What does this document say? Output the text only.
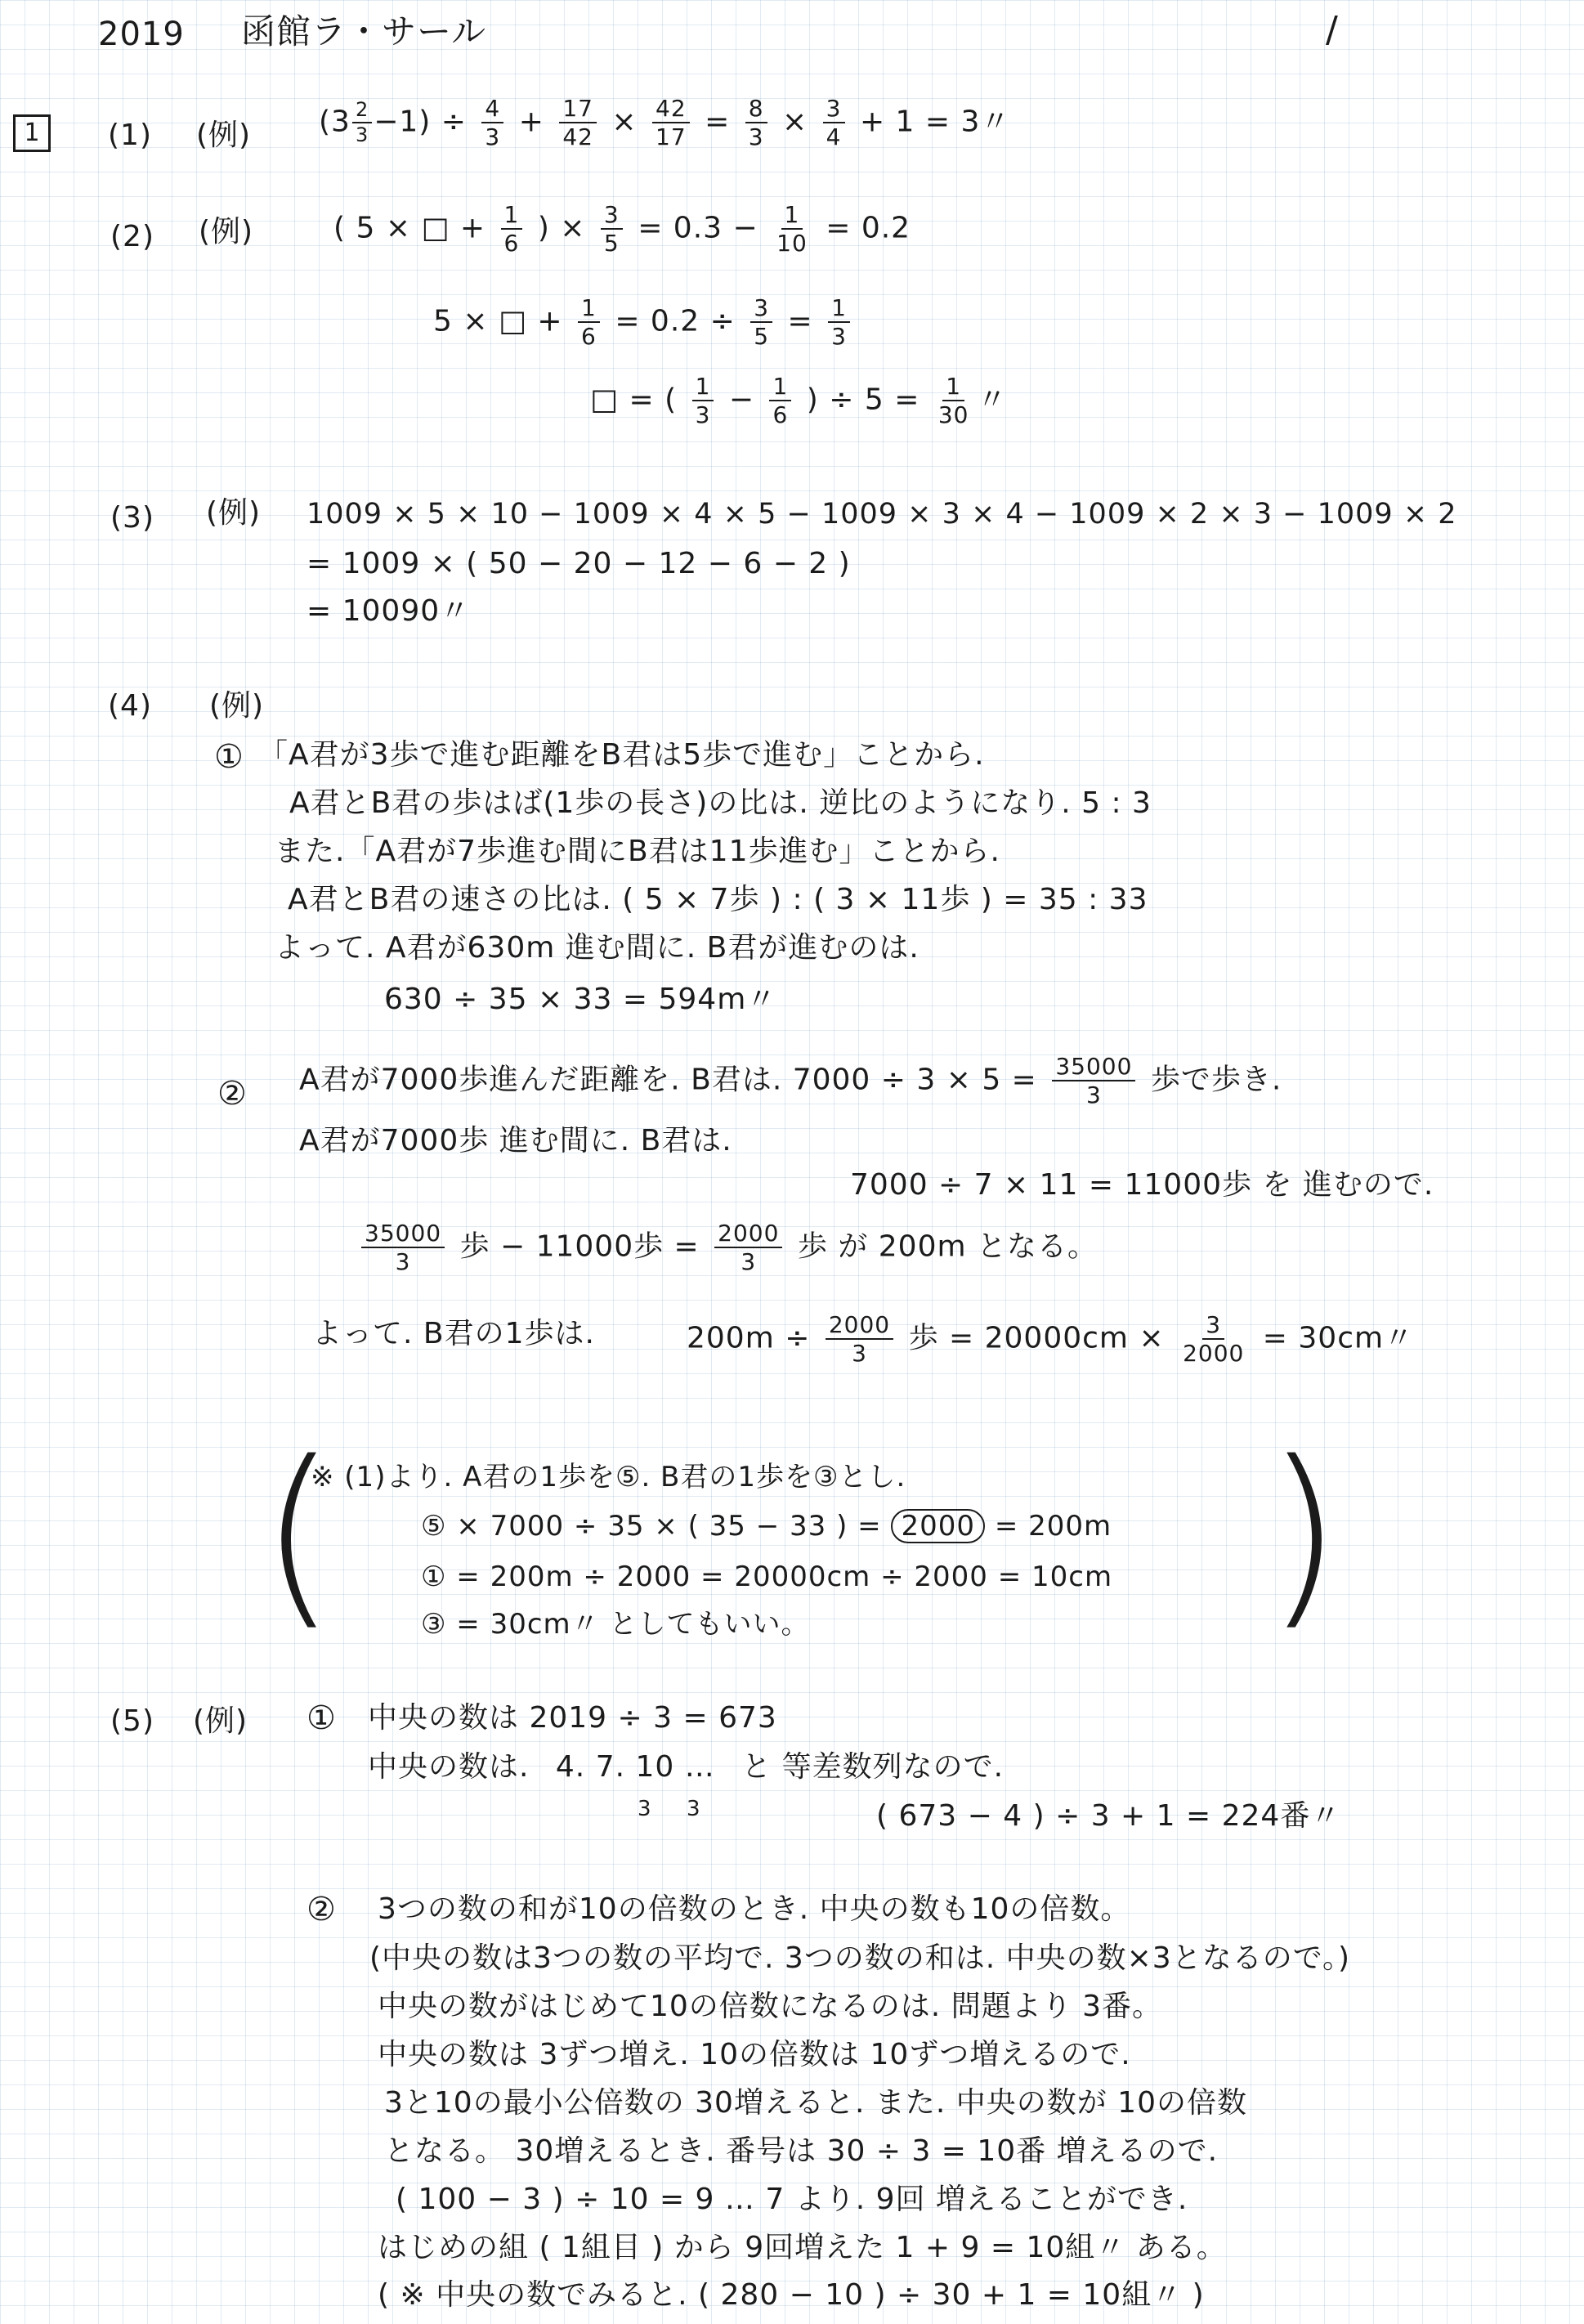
2019 函館ラ・サール	/
1	(1) (例) $(3 \frac{2}{3} -1) \div \frac{4}{3} + \frac{17}{42} \times \frac{42}{17} = \frac{8}{3} \times \frac{3}{4} + 1 = 3$〃
(2) (例)	( 5 × □ + $\frac{1}{6}$ ) × $\frac{3}{5} = 0.3 - \frac{1}{10} = 0.2$
5 × □ + $\frac{1}{6} = 0.2 \div \frac{3}{5} = \frac{1}{3}$
□ = ( $\frac{1}{3} - \frac{1}{6}$ ) ÷ $5 = \frac{1}{30}$ 〃
(3) (例) 1009 × 5 × 10 − 1009 × 4 × 5 − 1009 × 3 × 4 − 1009 × 2 × 3 − 1009 × 2
= 1009 × ( 50 − 20 − 12 − 6 − 2 )
= 10090〃
(4) (例)
① 「A君が3歩で進む距離をB君は5歩で進む」ことから.
A君とB君の歩はば(1歩の長さ)の比は. 逆比のようになり. 5 : 3
また.「A君が7歩進む間にB君は11歩進む」ことから.
A君とB君の速さの比は. ( 5 × 7歩 ) : ( 3 × 11歩 ) = 35 : 33
よって. A君が630m 進む間に. B君が進むのは.
630 ÷ 35 × 33 = 594m〃
② A君が7000歩進んだ距離を. B君は. $7000 \div 3 \times 5 = \frac{35000}{3}$ 歩で歩き.
A君が7000歩 進む間に. B君は.
7000 ÷ 7 × 11 = 11000歩 を 進むので.
$\frac{35000}{3}$ 歩 − 11000歩 = $\frac{2000}{3}$ 歩 が 200m となる。
よって. B君の1歩は.	$200m \div \frac{2000}{3}$ 歩 = $20000cm \times \frac{3}{2000} = 30cm$〃
(	)
※ (1)より. A君の1歩を⑤. B君の1歩を③とし.
⑤ × 7000 ÷ 35 × ( 35 − 33 ) = 2000 = 200m
① = 200m ÷ 2000 = 20000cm ÷ 2000 = 10cm
③ = 30cm〃 としてもいい。
(5) (例) ① 中央の数は 2019 ÷ 3 = 673
中央の数は. 4. 7. 10 … と 等差数列なので.
3 3	( 673 − 4 ) ÷ 3 + 1 = 224番〃
② 3つの数の和が10の倍数のとき. 中央の数も10の倍数。
(中央の数は3つの数の平均で. 3つの数の和は. 中央の数×3となるので。)
中央の数がはじめて10の倍数になるのは. 問題より 3番。
中央の数は 3ずつ増え. 10の倍数は 10ずつ増えるので.
3と10の最小公倍数の 30増えると. また. 中央の数が 10の倍数
となる。 30増えるとき. 番号は 30 ÷ 3 = 10番 増えるので.
( 100 − 3 ) ÷ 10 = 9 … 7 より. 9回 増えることができ.
はじめの組 ( 1組目 ) から 9回増えた 1 + 9 = 10組〃 ある。
( ※ 中央の数でみると. ( 280 − 10 ) ÷ 30 + 1 = 10組〃 )
